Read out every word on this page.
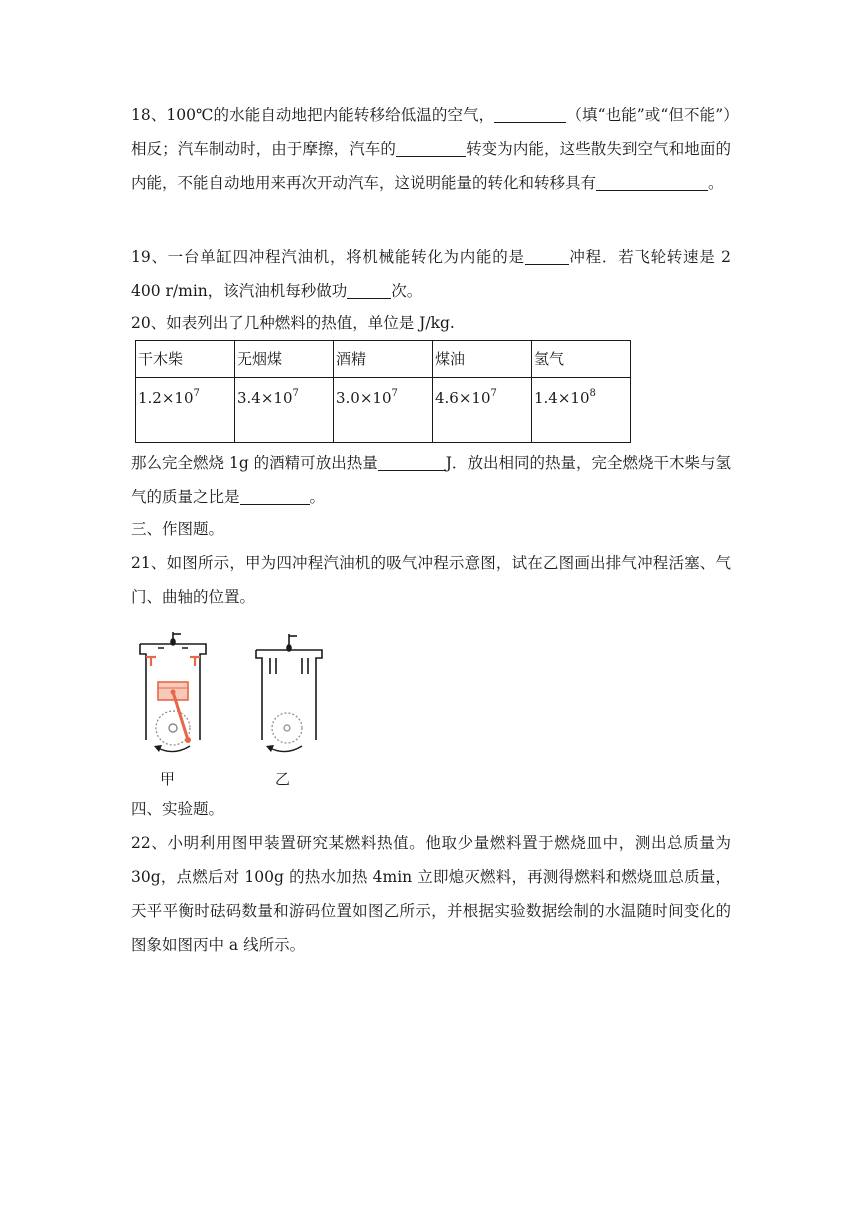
18、100℃的水能自动地把内能转移给低温的空气，	（填“也能”或“但不能”）相反；汽车制动时，由于摩擦，汽车的	转变为内能，这些散失到空气和地面的内能，不能自动地用来再次开动汽车，这说明能量的转化和转移具有	。

19、一台单缸四冲程汽油机，将机械能转化为内能的是	冲程．若飞轮转速是 2 400 r/min，该汽油机每秒做功	次。

20、如表列出了几种燃料的热值，单位是 J/kg.

干木柴	无烟煤	酒精	煤油	氢气
$1.2\times 10^7$	$3.4\times 10^7$	$3.0\times 10^7$	$4.6\times 10^7$	$1.4\times 10^8$

那么完全燃烧 1g 的酒精可放出热量	J．放出相同的热量，完全燃烧干木柴与氢气的质量之比是	。

三、作图题。

21、如图所示，甲为四冲程汽油机的吸气冲程示意图，试在乙图画出排气冲程活塞、气门、曲轴的位置。

甲	乙

四、实验题。

22、小明利用图甲装置研究某燃料热值。他取少量燃料置于燃烧皿中，测出总质量为 30g，点燃后对 100g 的热水加热 4min 立即熄灭燃料，再测得燃料和燃烧皿总质量，天平平衡时砝码数量和游码位置如图乙所示，并根据实验数据绘制的水温随时间变化的图象如图丙中 a 线所示。
